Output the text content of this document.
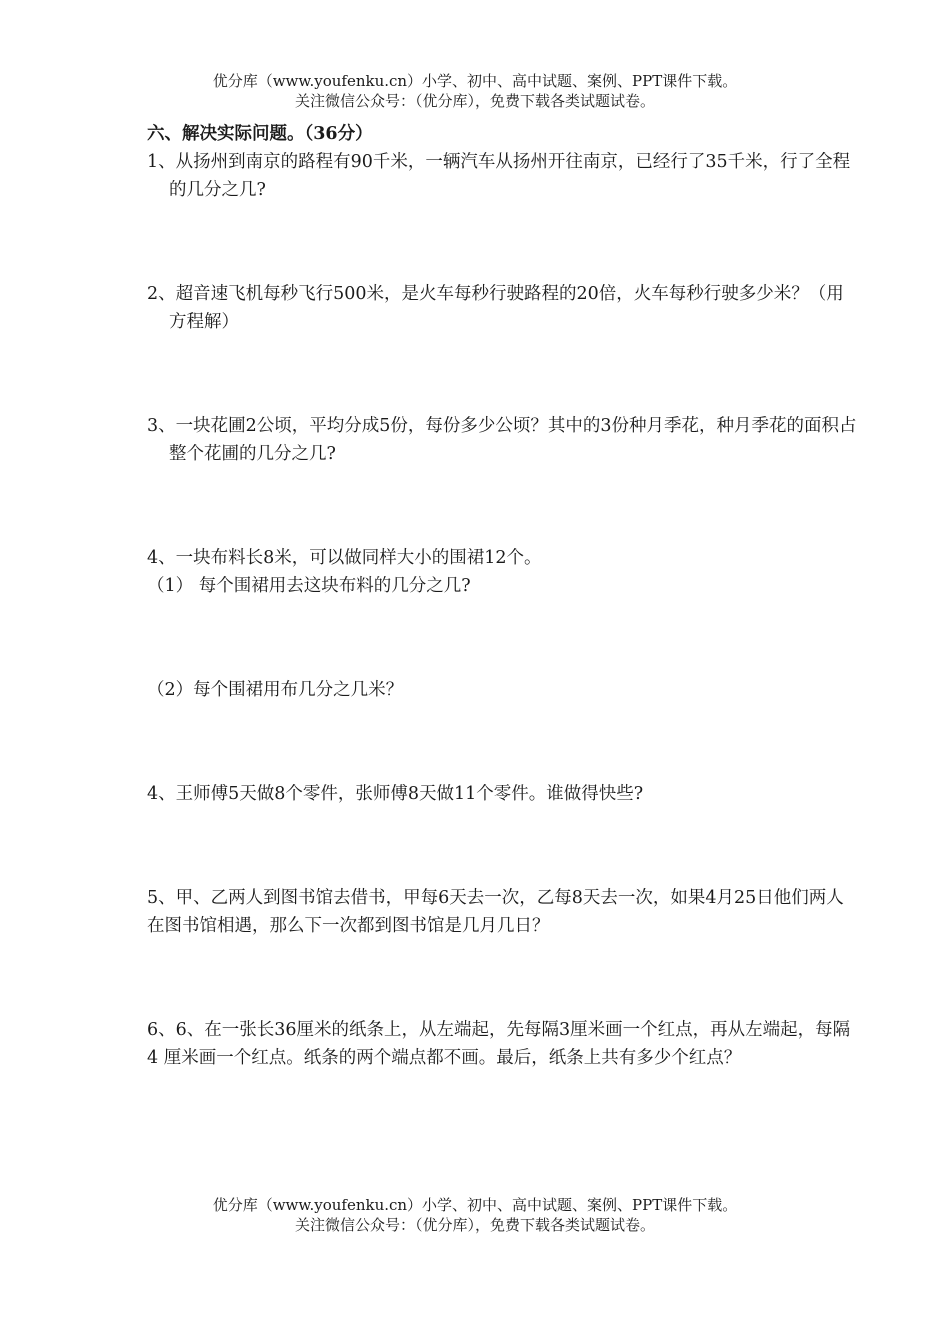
优分库（www.youfenku.cn）小学、初中、高中试题、案例、PPT课件下载。
关注微信公众号：（优分库），免费下载各类试题试卷。

六、解决实际问题。（36分）

1、从扬州到南京的路程有90千米，一辆汽车从扬州开往南京，已经行了35千米，行了全程的几分之几?

2、超音速飞机每秒飞行500米，是火车每秒行驶路程的20倍，火车每秒行驶多少米？（用方程解）

3、一块花圃2公顷，平均分成5份，每份多少公顷？其中的3份种月季花，种月季花的面积占整个花圃的几分之几?

4、一块布料长8米，可以做同样大小的围裙12个。

（1） 每个围裙用去这块布料的几分之几?

（2）每个围裙用布几分之几米？

4、王师傅5天做8个零件，张师傅8天做11个零件。谁做得快些?

5、甲、乙两人到图书馆去借书，甲每6天去一次，乙每8天去一次，如果4月25日他们两人在图书馆相遇，那么下一次都到图书馆是几月几日？

6、6、在一张长36厘米的纸条上，从左端起，先每隔3厘米画一个红点，再从左端起，每隔4 厘米画一个红点。纸条的两个端点都不画。最后，纸条上共有多少个红点？

优分库（www.youfenku.cn）小学、初中、高中试题、案例、PPT课件下载。
关注微信公众号：（优分库），免费下载各类试题试卷。
